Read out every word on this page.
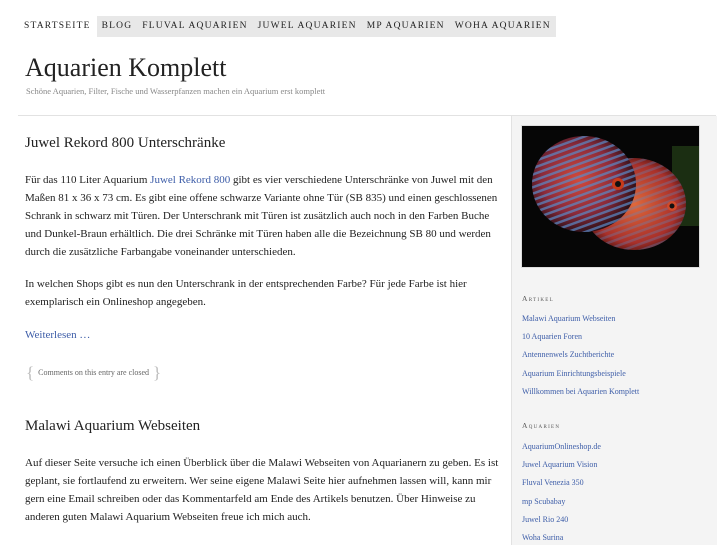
STARTSEITE	BLOG	FLUVAL AQUARIEN	JUWEL AQUARIEN	MP AQUARIEN	WOHA AQUARIEN
Aquarien Komplett

Schöne Aquarien, Filter, Fische und Wasserpfanzen machen ein Aquarium erst komplett

Juwel Rekord 800 Unterschränke

Für das 110 Liter Aquarium Juwel Rekord 800 gibt es vier verschiedene Unterschränke von Juwel mit den Maßen 81 x 36 x 73 cm. Es gibt eine offene schwarze Variante ohne Tür (SB 835) und einen geschlossenen Schrank in schwarz mit Türen. Der Unterschrank mit Türen ist zusätzlich auch noch in den Farben Buche und Dunkel-Braun erhältlich. Die drei Schränke mit Türen haben alle die Bezeichnung SB 80 und werden durch die zusätzliche Farbangabe voneinander unterschieden.

In welchen Shops gibt es nun den Unterschrank in der entsprechenden Farbe? Für jede Farbe ist hier exemplarisch ein Onlineshop angegeben.

Weiterlesen …
{ Comments on this entry are closed }
Malawi Aquarium Webseiten

Auf dieser Seite versuche ich einen Überblick über die Malawi Webseiten von Aquarianern zu geben. Es ist geplant, sie fortlaufend zu erweitern. Wer seine eigene Malawi Seite hier aufnehmen lassen will, kann mir gern eine Email schreiben oder das Kommentarfeld am Ende des Artikels benutzen. Über Hinweise zu anderen guten Malawi Aquarium Webseiten freue ich mich auch.

Artikel
Malawi Aquarium Webseiten
10 Aquarien Foren
Antennenwels Zuchtberichte
Aquarium Einrichtungsbeispiele
Willkommen bei Aquarien Komplett
Aquarien
AquariumOnlineshop.de
Juwel Aquarium Vision
Fluval Venezia 350
mp Scubabay
Juwel Rio 240
Woha Surina
